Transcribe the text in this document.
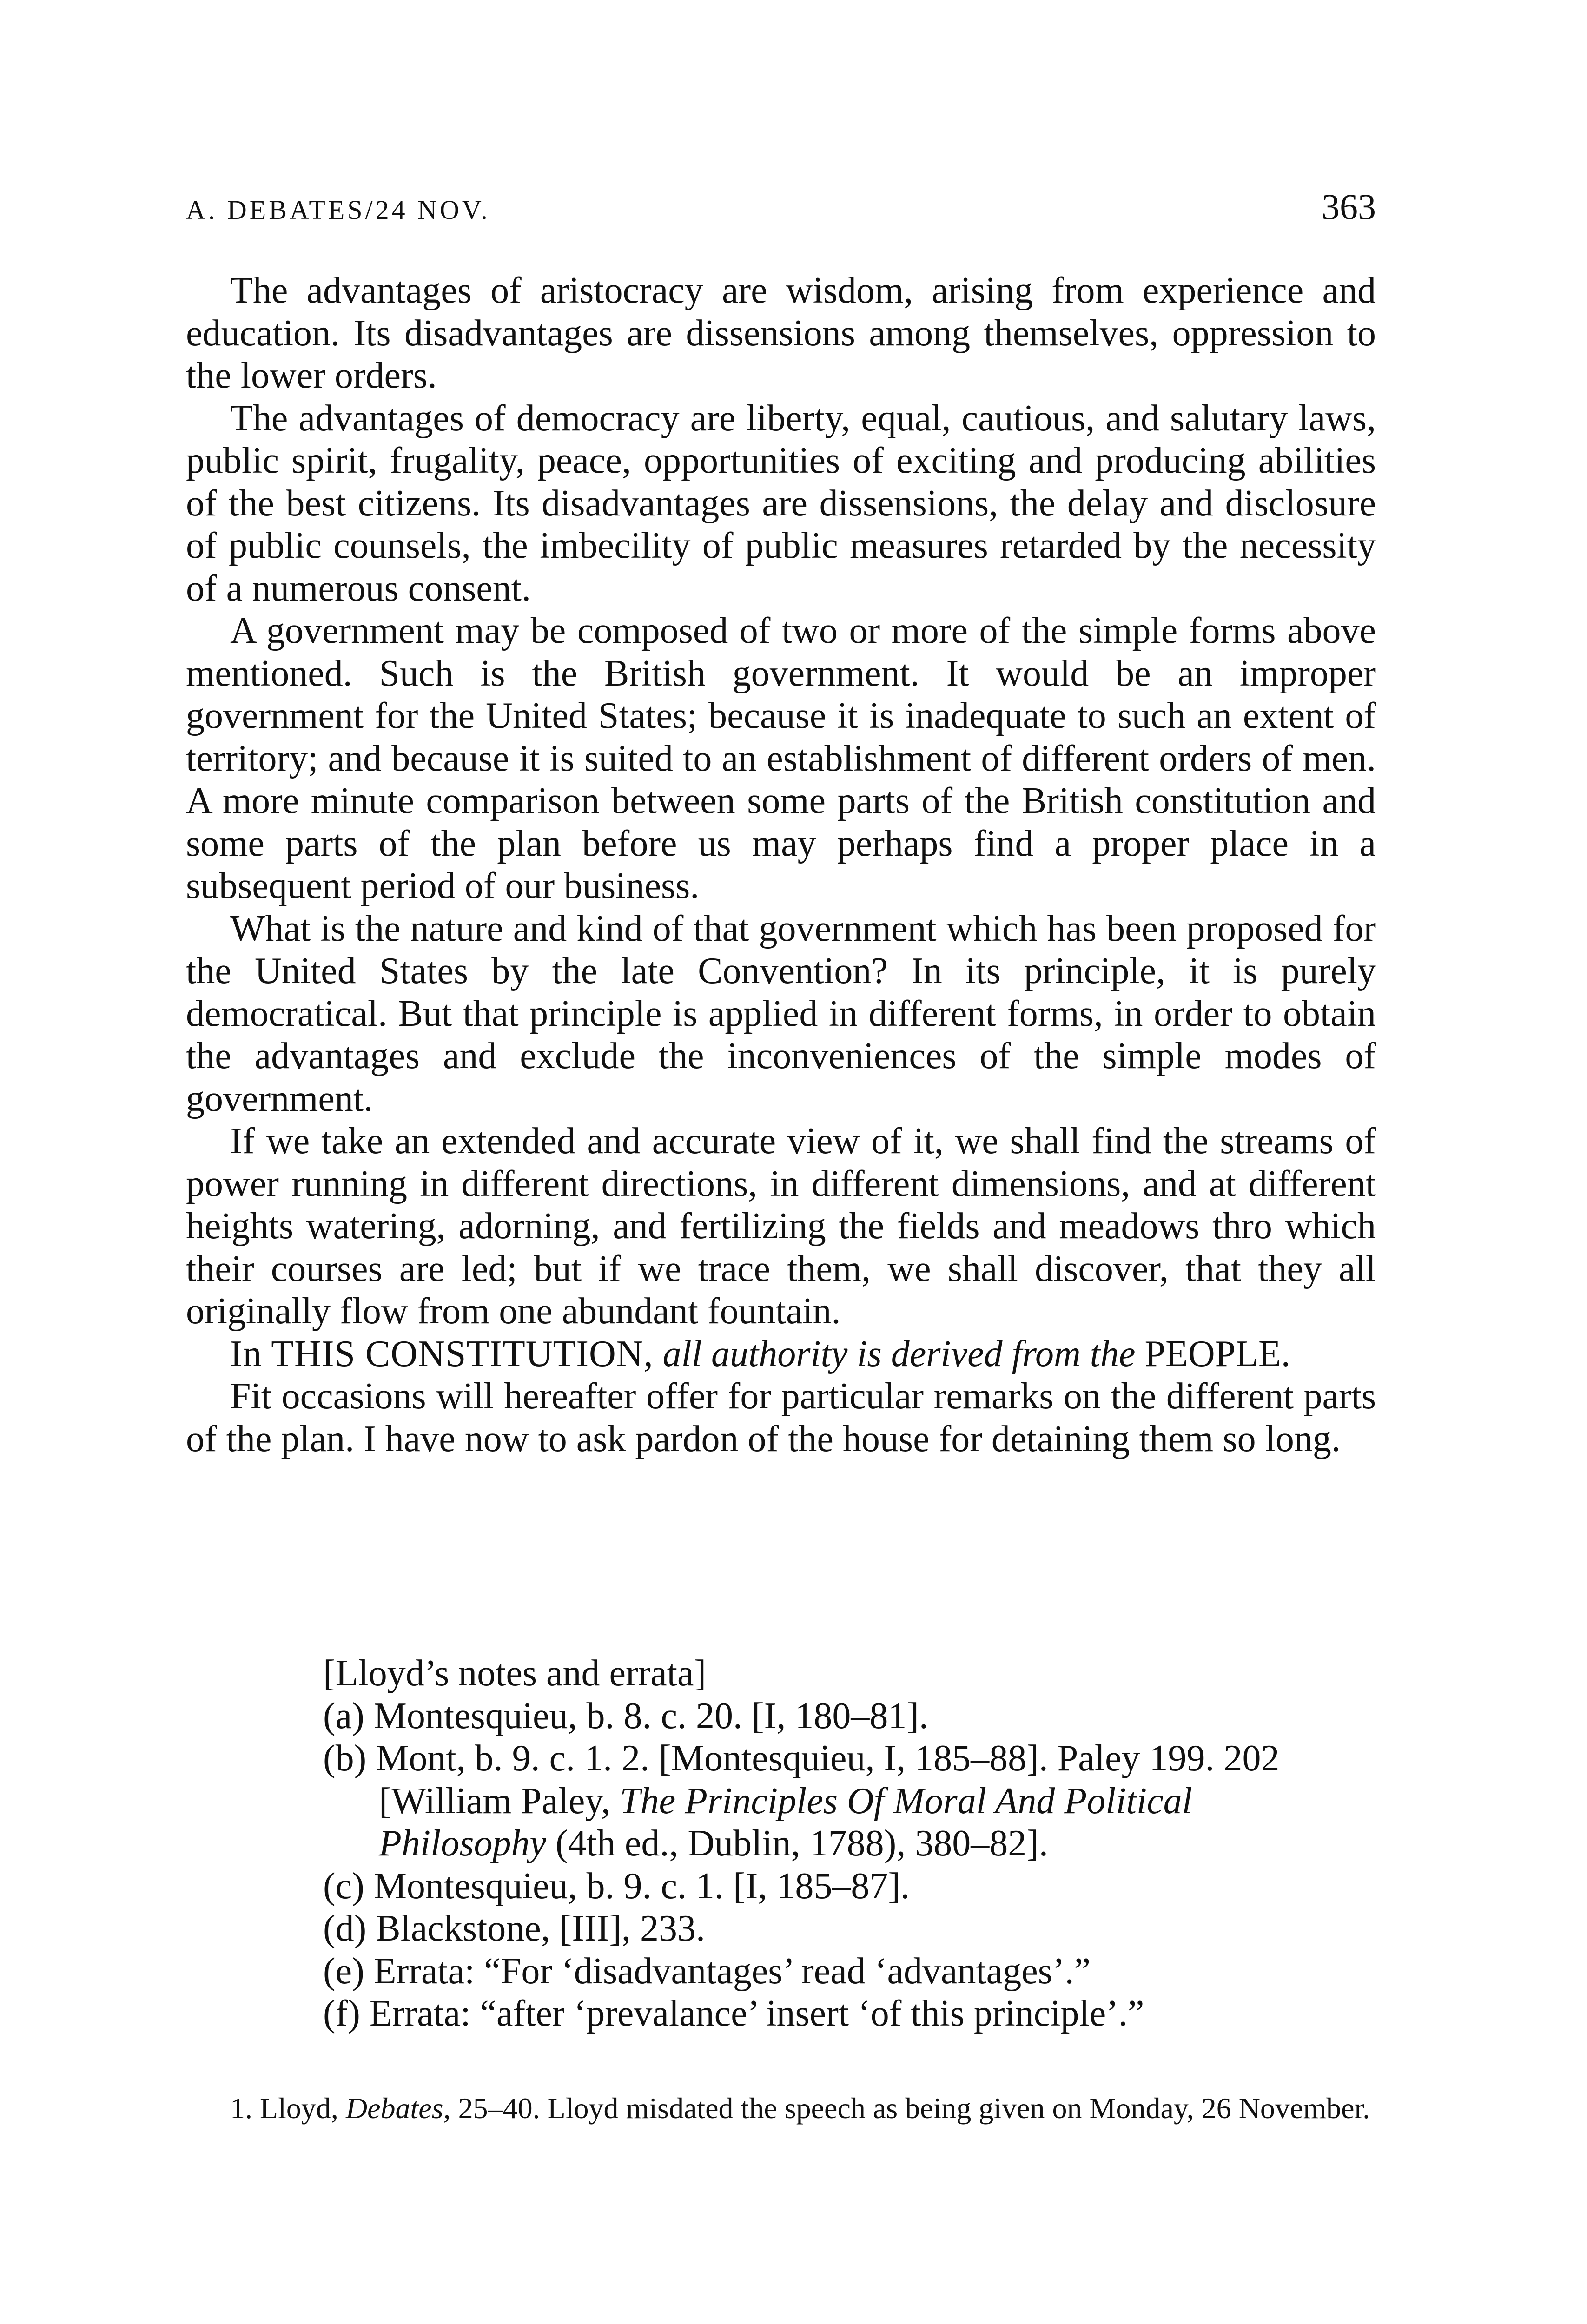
A. DEBATES/24 NOV.	363

The advantages of aristocracy are wisdom, arising from experience and education. Its disadvantages are dissensions among themselves, oppression to the lower orders.

The advantages of democracy are liberty, equal, cautious, and salutary laws, public spirit, frugality, peace, opportunities of exciting and producing abilities of the best citizens. Its disadvantages are dissensions, the delay and disclosure of public counsels, the imbecility of public measures retarded by the necessity of a numerous consent.

A government may be composed of two or more of the simple forms above mentioned. Such is the British government. It would be an improper government for the United States; because it is inadequate to such an extent of territory; and because it is suited to an establishment of different orders of men. A more minute comparison between some parts of the British constitution and some parts of the plan before us may perhaps find a proper place in a subsequent period of our business.

What is the nature and kind of that government which has been proposed for the United States by the late Convention? In its principle, it is purely democratical. But that principle is applied in different forms, in order to obtain the advantages and exclude the inconveniences of the simple modes of government.

If we take an extended and accurate view of it, we shall find the streams of power running in different directions, in different dimensions, and at different heights watering, adorning, and fertilizing the fields and meadows thro which their courses are led; but if we trace them, we shall discover, that they all originally flow from one abundant fountain.

In THIS CONSTITUTION, all authority is derived from the PEOPLE.

Fit occasions will hereafter offer for particular remarks on the different parts of the plan. I have now to ask pardon of the house for detaining them so long.

[Lloyd’s notes and errata]

(a) Montesquieu, b. 8. c. 20. [I, 180–81].

(b) Mont, b. 9. c. 1. 2. [Montesquieu, I, 185–88]. Paley 199. 202 [William Paley, The Principles Of Moral And Political Philosophy (4th ed., Dublin, 1788), 380–82].

(c) Montesquieu, b. 9. c. 1. [I, 185–87].

(d) Blackstone, [III], 233.

(e) Errata: “For ‘disadvantages’ read ‘advantages’.”

(f) Errata: “after ‘prevalance’ insert ‘of this principle’.”

1. Lloyd, Debates, 25–40. Lloyd misdated the speech as being given on Monday, 26 November.
